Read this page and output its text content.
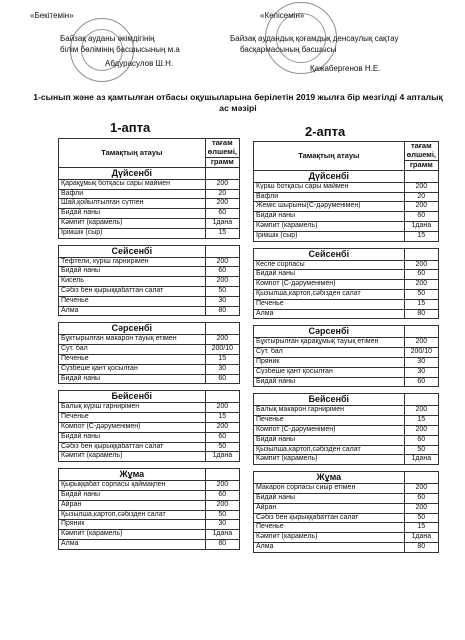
«Бекітемін»
Байзақ ауданы әкімдігінің
білім бөлімінің басшысының м.а
Абдурасулов Ш.Н.
«Келісемін»
Байзақ аудандық қоғамдық денсаулық сақтау
басқармасының басшысы
Қажабергенов Н.Е.
1-сынып және аз қамтылған отбасы оқушыларына берілетін 2019 жылға бір мезгілді 4 апталық ас мәзірі
1-апта	2-апта
Тамақтың атауы	тағам
өлшемі,

	грамм
Дүйсенбі	
Қарақұмық ботқасы сары маймен	200
Вафли	20
Шай,қойылтылған сүтпен	200
Бидай наны	60
Кәмпит (карамель)	1дана
Ірімшік (сыр)	15

Сейсенбі	
Тефтели, күріш гарнирімен	200
Бидай наны	60
Кисель	200
Сәбіз бен қырыққабаттан салат	50
Печенье	30
Алма	80

Сәрсенбі	
Бұктырылған макарон тауық етімен	200
Сут. бал	200/10
Печенье	15
Сүзбеше қант қосылған	30
Бидай наны	60

Бейсенбі	
Балық күріш гарнирімен	200
Печенье	15
Компот (С-дәруменімен)	200
Бидай наны	60
Сәбіз бен қырыққабаттан салат	50
Кәмпит (карамель)	1дана

Жұма	
Қырыққабат сорпасы қаймақпен	200
Бидай наны	60
Айран	200
Қызылша,картоп,сәбізден салат	50
Пряник	30
Кәмпит (карамель)	1дана
Алма	80
Тамақтың атауы	тағам
өлшемі,

	грамм
Дүйсенбі	
Күріш ботқасы сары маймен	200
Вафли	20
Жеміс шырыны(С-дәруменімен)	200
Бидай наны	60
Кәмпит (карамель)	1дана
Ірімшік (сыр)	15

Сейсенбі	
Кеспе сорпасы	200
Бидай наны	60
Компот (С-дәруменімен)	200
Қызылша,картоп,сәбізден салат	50
Печенье	15
Алма	80

Сәрсенбі	
Бұктырылған қарақұмық тауық етімен	200
Сут. бал	200/10
Пряник	30
Сүзбеше қант қосылған	30
Бидай наны	60

Бейсенбі	
Балық макарон гарнирімен	200
Печенье	15
Компот (С-дәруменімен)	200
Бидай наны	60
Қызылша,картоп,сәбізден салат	50
Кәмпит (карамель)	1дана

Жұма	
Макарон сорпасы сиыр етімен	200
Бидай наны	60
Айран	200
Сәбіз бен қырыққабаттан салат	50
Печенье	15
Кәмпит (карамель)	1дана
Алма	80
